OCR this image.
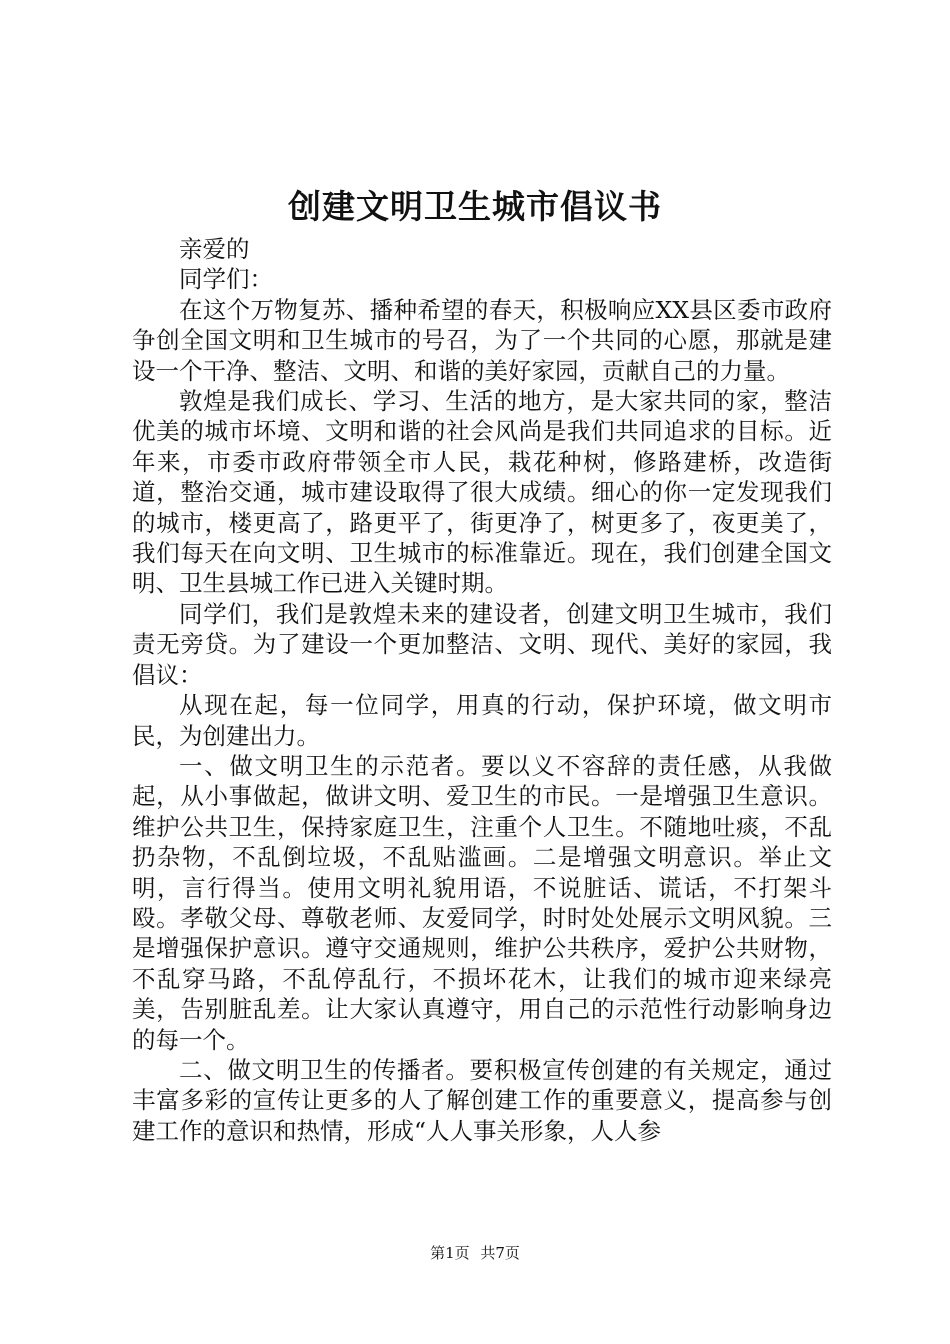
创建文明卫生城市倡议书

亲爱的

同学们：

在这个万物复苏、播种希望的春天，积极响应XX县区委市政府争创全国文明和卫生城市的号召，为了一个共同的心愿，那就是建设一个干净、整洁、文明、和谐的美好家园，贡献自己的力量。

敦煌是我们成长、学习、生活的地方，是大家共同的家，整洁优美的城市坏境、文明和谐的社会风尚是我们共同追求的目标。近年来，市委市政府带领全市人民，栽花种树，修路建桥，改造街道，整治交通，城市建设取得了很大成绩。细心的你一定发现我们的城市，楼更高了，路更平了，街更净了，树更多了，夜更美了，我们每天在向文明、卫生城市的标准靠近。现在，我们创建全国文明、卫生县城工作已进入关键时期。

同学们，我们是敦煌未来的建设者，创建文明卫生城市，我们责无旁贷。为了建设一个更加整洁、文明、现代、美好的家园，我倡议：

从现在起，每一位同学，用真的行动，保护环境，做文明市民，为创建出力。

一、做文明卫生的示范者。要以义不容辞的责任感，从我做起，从小事做起，做讲文明、爱卫生的市民。一是增强卫生意识。维护公共卫生，保持家庭卫生，注重个人卫生。不随地吐痰，不乱扔杂物，不乱倒垃圾，不乱贴滥画。二是增强文明意识。举止文明，言行得当。使用文明礼貌用语，不说脏话、谎话，不打架斗殴。孝敬父母、尊敬老师、友爱同学，时时处处展示文明风貌。三是增强保护意识。遵守交通规则，维护公共秩序，爱护公共财物，不乱穿马路，不乱停乱行，不损坏花木，让我们的城市迎来绿亮美，告别脏乱差。让大家认真遵守，用自己的示范性行动影响身边的每一个。

二、做文明卫生的传播者。要积极宣传创建的有关规定，通过丰富多彩的宣传让更多的人了解创建工作的重要意义，提高参与创建工作的意识和热情，形成“人人事关形象，人人参

第1页 共7页
